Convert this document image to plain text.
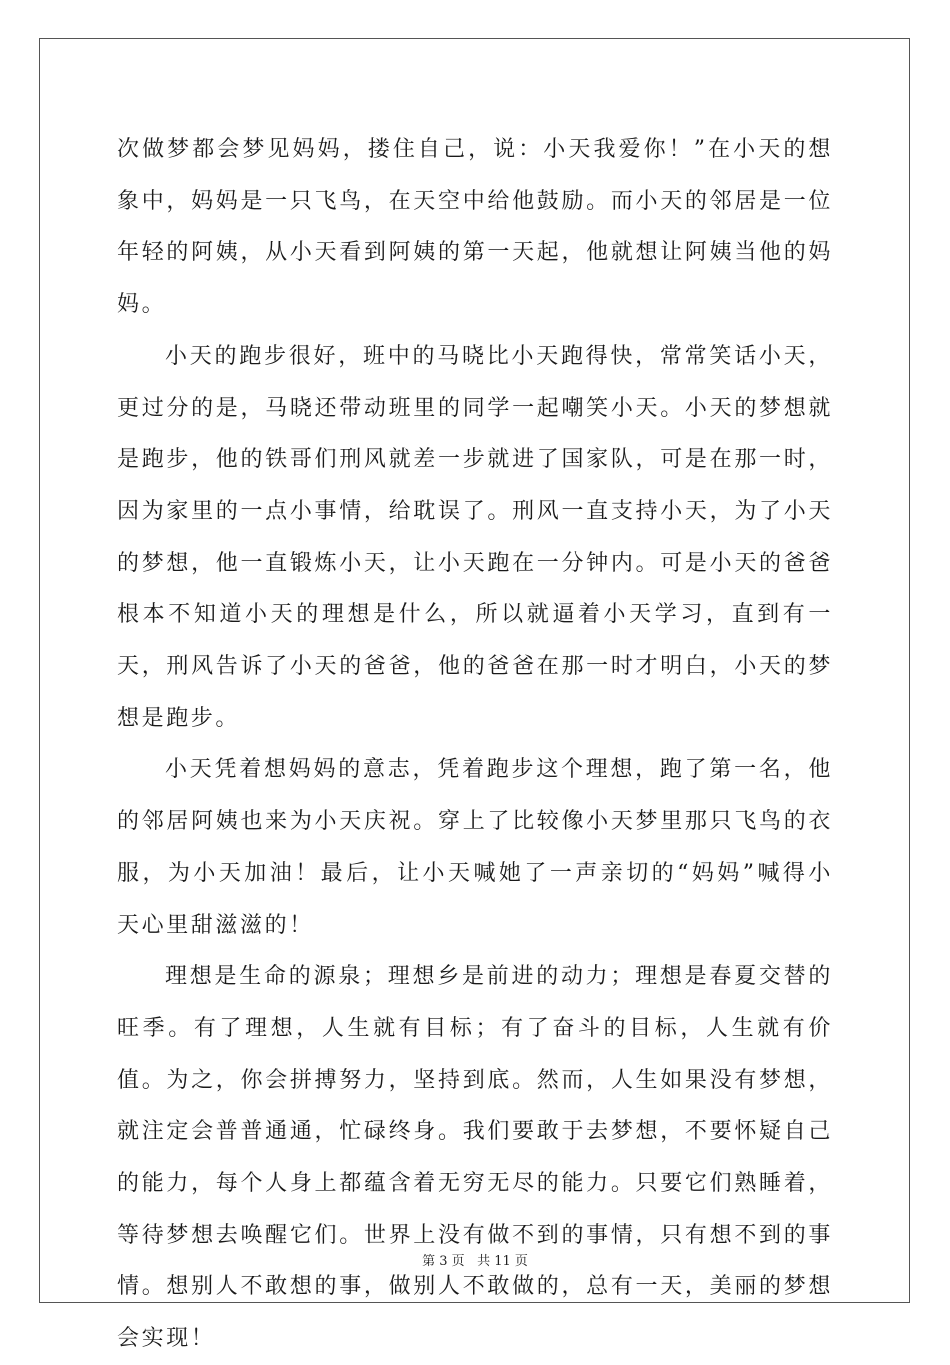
次做梦都会梦见妈妈，搂住自己，说：小天我爱你！”在小天的想象中，妈妈是一只飞鸟，在天空中给他鼓励。而小天的邻居是一位年轻的阿姨，从小天看到阿姨的第一天起，他就想让阿姨当他的妈妈。

小天的跑步很好，班中的马晓比小天跑得快，常常笑话小天，更过分的是，马晓还带动班里的同学一起嘲笑小天。小天的梦想就是跑步，他的铁哥们刑风就差一步就进了国家队，可是在那一时，因为家里的一点小事情，给耽误了。刑风一直支持小天，为了小天的梦想，他一直锻炼小天，让小天跑在一分钟内。可是小天的爸爸根本不知道小天的理想是什么，所以就逼着小天学习，直到有一天，刑风告诉了小天的爸爸，他的爸爸在那一时才明白，小天的梦想是跑步。

小天凭着想妈妈的意志，凭着跑步这个理想，跑了第一名，他的邻居阿姨也来为小天庆祝。穿上了比较像小天梦里那只飞鸟的衣服，为小天加油！最后，让小天喊她了一声亲切的“妈妈”喊得小天心里甜滋滋的！

理想是生命的源泉；理想乡是前进的动力；理想是春夏交替的旺季。有了理想，人生就有目标；有了奋斗的目标，人生就有价值。为之，你会拼搏努力，坚持到底。然而，人生如果没有梦想，就注定会普普通通，忙碌终身。我们要敢于去梦想，不要怀疑自己的能力，每个人身上都蕴含着无穷无尽的能力。只要它们熟睡着，等待梦想去唤醒它们。世界上没有做不到的事情，只有想不到的事情。想别人不敢想的事，做别人不敢做的，总有一天，美丽的梦想会实现！

第 3 页 共 11 页
